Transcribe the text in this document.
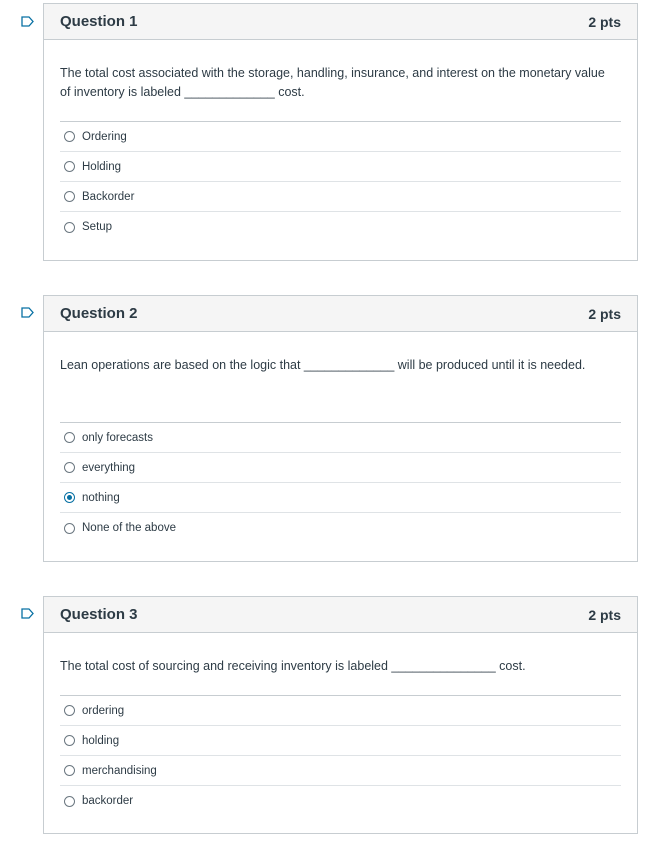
Question 1	2 pts
The total cost associated with the storage, handling, insurance, and interest on the monetary value
of inventory is labeled _____________ cost.
Ordering
Holding
Backorder
Setup
Question 2	2 pts
Lean operations are based on the logic that _____________ will be produced until it is needed.
only forecasts
everything
nothing
None of the above
Question 3	2 pts
The total cost of sourcing and receiving inventory is labeled _______________ cost.
ordering
holding
merchandising
backorder
